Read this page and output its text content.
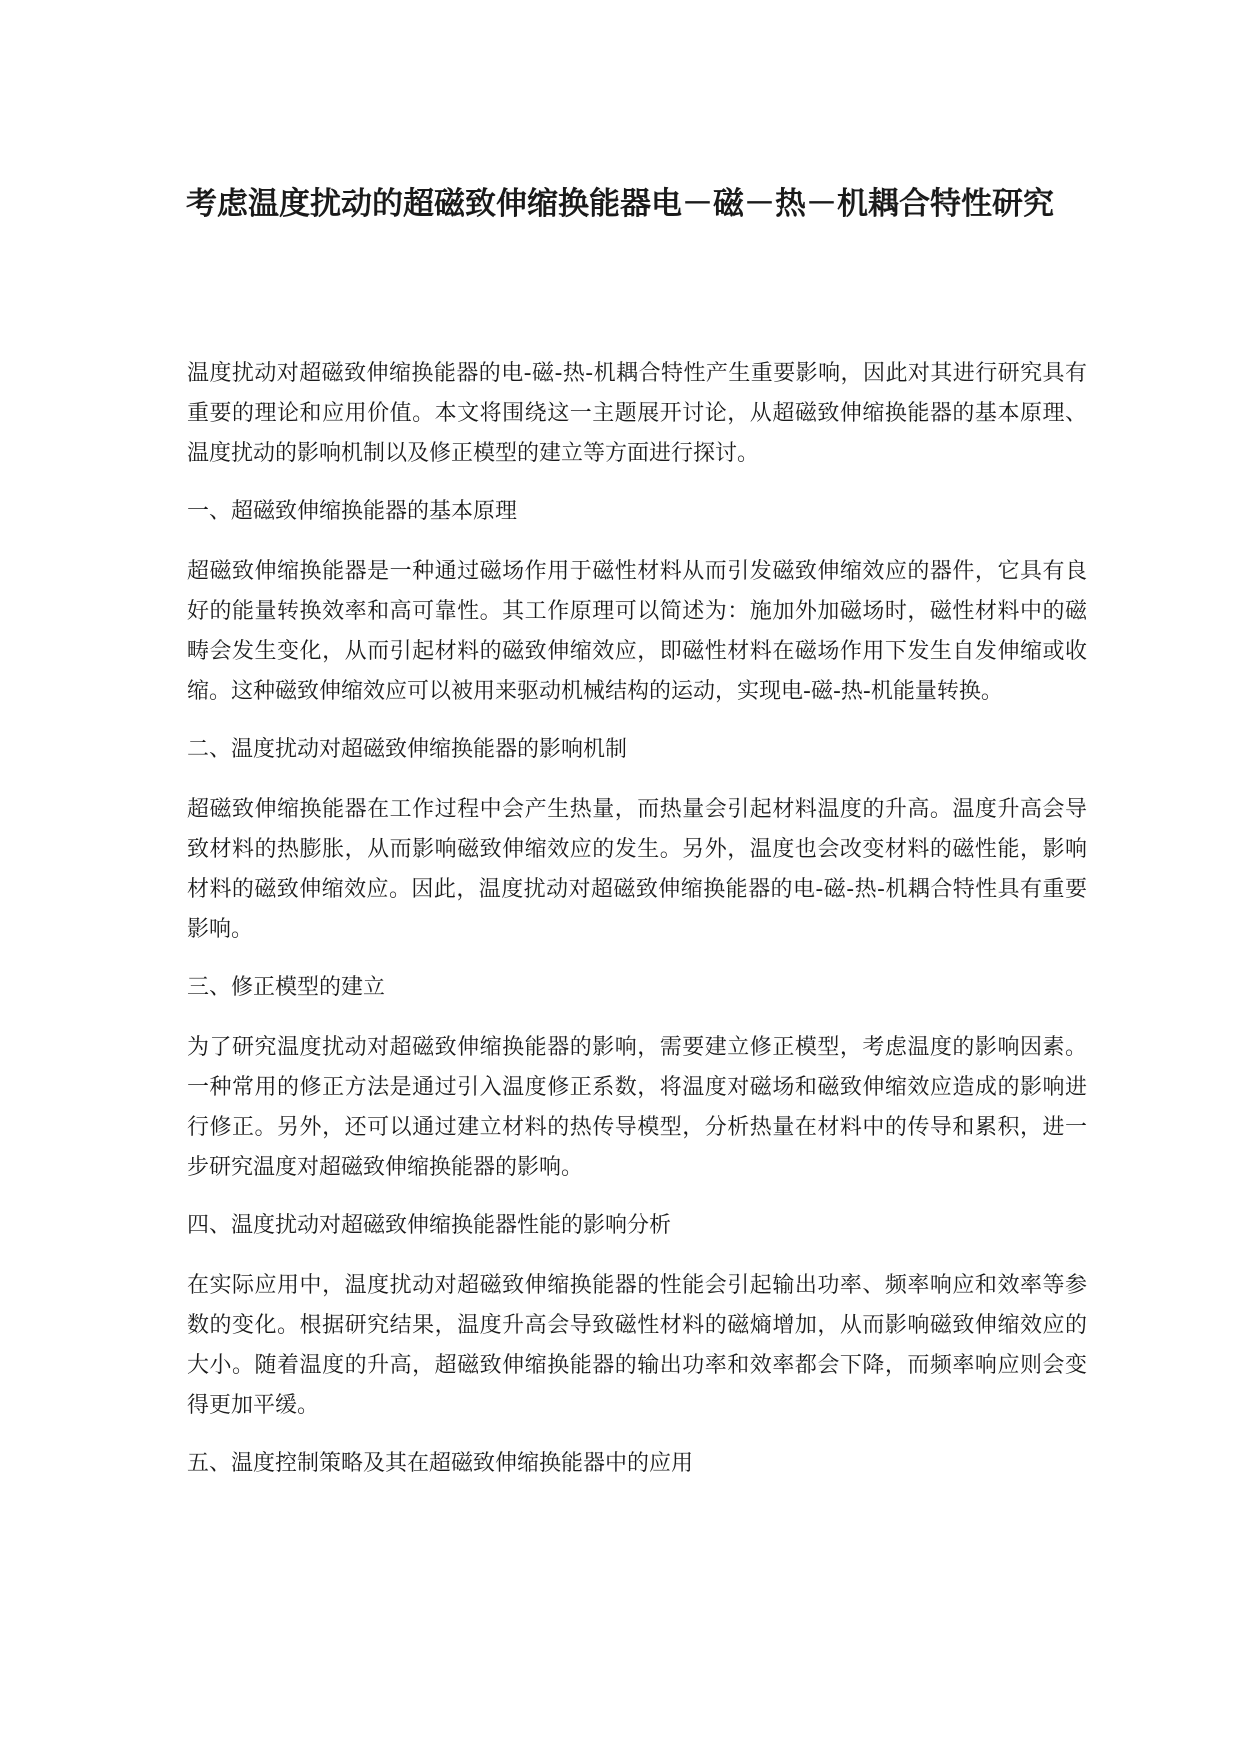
考虑温度扰动的超磁致伸缩换能器电－磁－热－机耦合特性研究

温度扰动对超磁致伸缩换能器的电-磁-热-机耦合特性产生重要影响，因此对其进行研究具有重要的理论和应用价值。本文将围绕这一主题展开讨论，从超磁致伸缩换能器的基本原理、温度扰动的影响机制以及修正模型的建立等方面进行探讨。

一、超磁致伸缩换能器的基本原理

超磁致伸缩换能器是一种通过磁场作用于磁性材料从而引发磁致伸缩效应的器件，它具有良好的能量转换效率和高可靠性。其工作原理可以简述为：施加外加磁场时，磁性材料中的磁畴会发生变化，从而引起材料的磁致伸缩效应，即磁性材料在磁场作用下发生自发伸缩或收缩。这种磁致伸缩效应可以被用来驱动机械结构的运动，实现电-磁-热-机能量转换。

二、温度扰动对超磁致伸缩换能器的影响机制

超磁致伸缩换能器在工作过程中会产生热量，而热量会引起材料温度的升高。温度升高会导致材料的热膨胀，从而影响磁致伸缩效应的发生。另外，温度也会改变材料的磁性能，影响材料的磁致伸缩效应。因此，温度扰动对超磁致伸缩换能器的电-磁-热-机耦合特性具有重要影响。

三、修正模型的建立

为了研究温度扰动对超磁致伸缩换能器的影响，需要建立修正模型，考虑温度的影响因素。一种常用的修正方法是通过引入温度修正系数，将温度对磁场和磁致伸缩效应造成的影响进行修正。另外，还可以通过建立材料的热传导模型，分析热量在材料中的传导和累积，进一步研究温度对超磁致伸缩换能器的影响。

四、温度扰动对超磁致伸缩换能器性能的影响分析

在实际应用中，温度扰动对超磁致伸缩换能器的性能会引起输出功率、频率响应和效率等参数的变化。根据研究结果，温度升高会导致磁性材料的磁熵增加，从而影响磁致伸缩效应的大小。随着温度的升高，超磁致伸缩换能器的输出功率和效率都会下降，而频率响应则会变得更加平缓。

五、温度控制策略及其在超磁致伸缩换能器中的应用
